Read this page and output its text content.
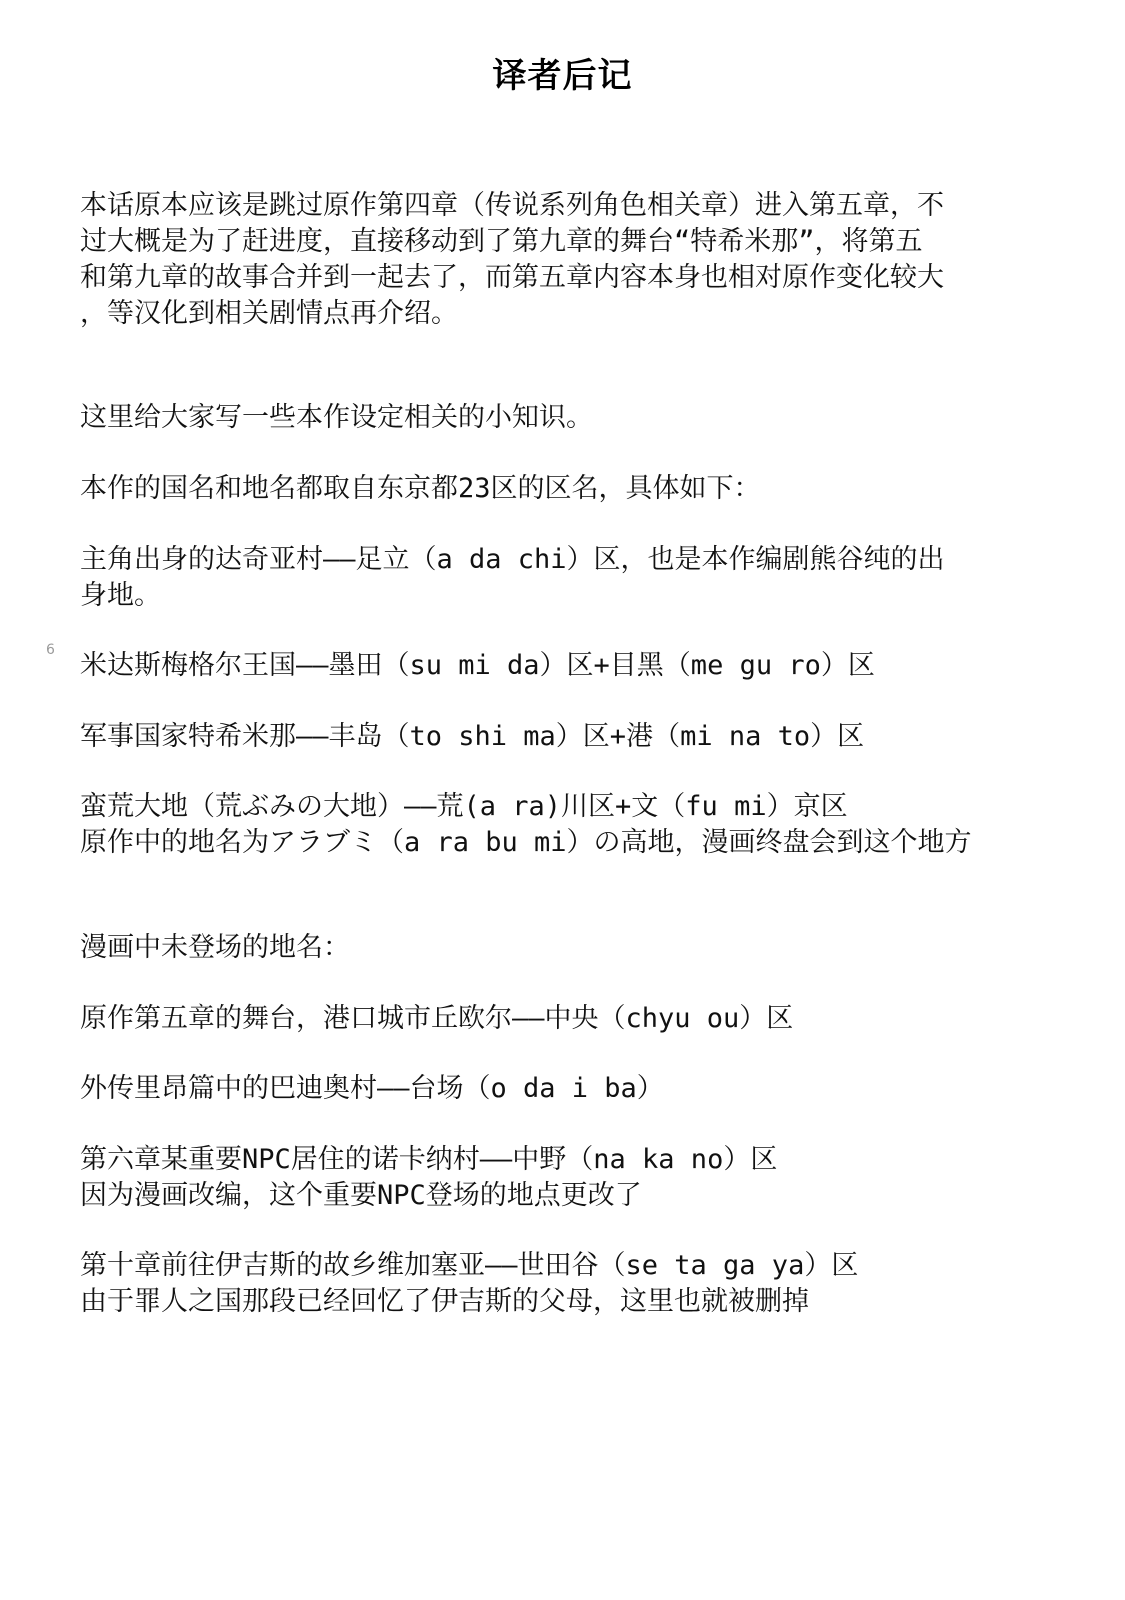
译者后记
6
本话原本应该是跳过原作第四章（传说系列角色相关章）进入第五章，不
过大概是为了赶进度，直接移动到了第九章的舞台“特希米那”，将第五
和第九章的故事合并到一起去了，而第五章内容本身也相对原作变化较大
，等汉化到相关剧情点再介绍。
这里给大家写一些本作设定相关的小知识。
本作的国名和地名都取自东京都23区的区名，具体如下：
主角出身的达奇亚村——足立（a da chi）区，也是本作编剧熊谷纯的出
身地。
米达斯梅格尔王国——墨田（su mi da）区+目黑（me gu ro）区
军事国家特希米那——丰岛（to shi ma）区+港（mi na to）区
蛮荒大地（荒ぶみの大地）——荒(a ra)川区+文（fu mi）京区
原作中的地名为アラブミ（a ra bu mi）の高地，漫画终盘会到这个地方
漫画中未登场的地名：
原作第五章的舞台，港口城市丘欧尔——中央（chyu ou）区
外传里昂篇中的巴迪奥村——台场（o da i ba）
第六章某重要NPC居住的诺卡纳村——中野（na ka no）区
因为漫画改编，这个重要NPC登场的地点更改了
第十章前往伊吉斯的故乡维加塞亚——世田谷（se ta ga ya）区
由于罪人之国那段已经回忆了伊吉斯的父母，这里也就被删掉
